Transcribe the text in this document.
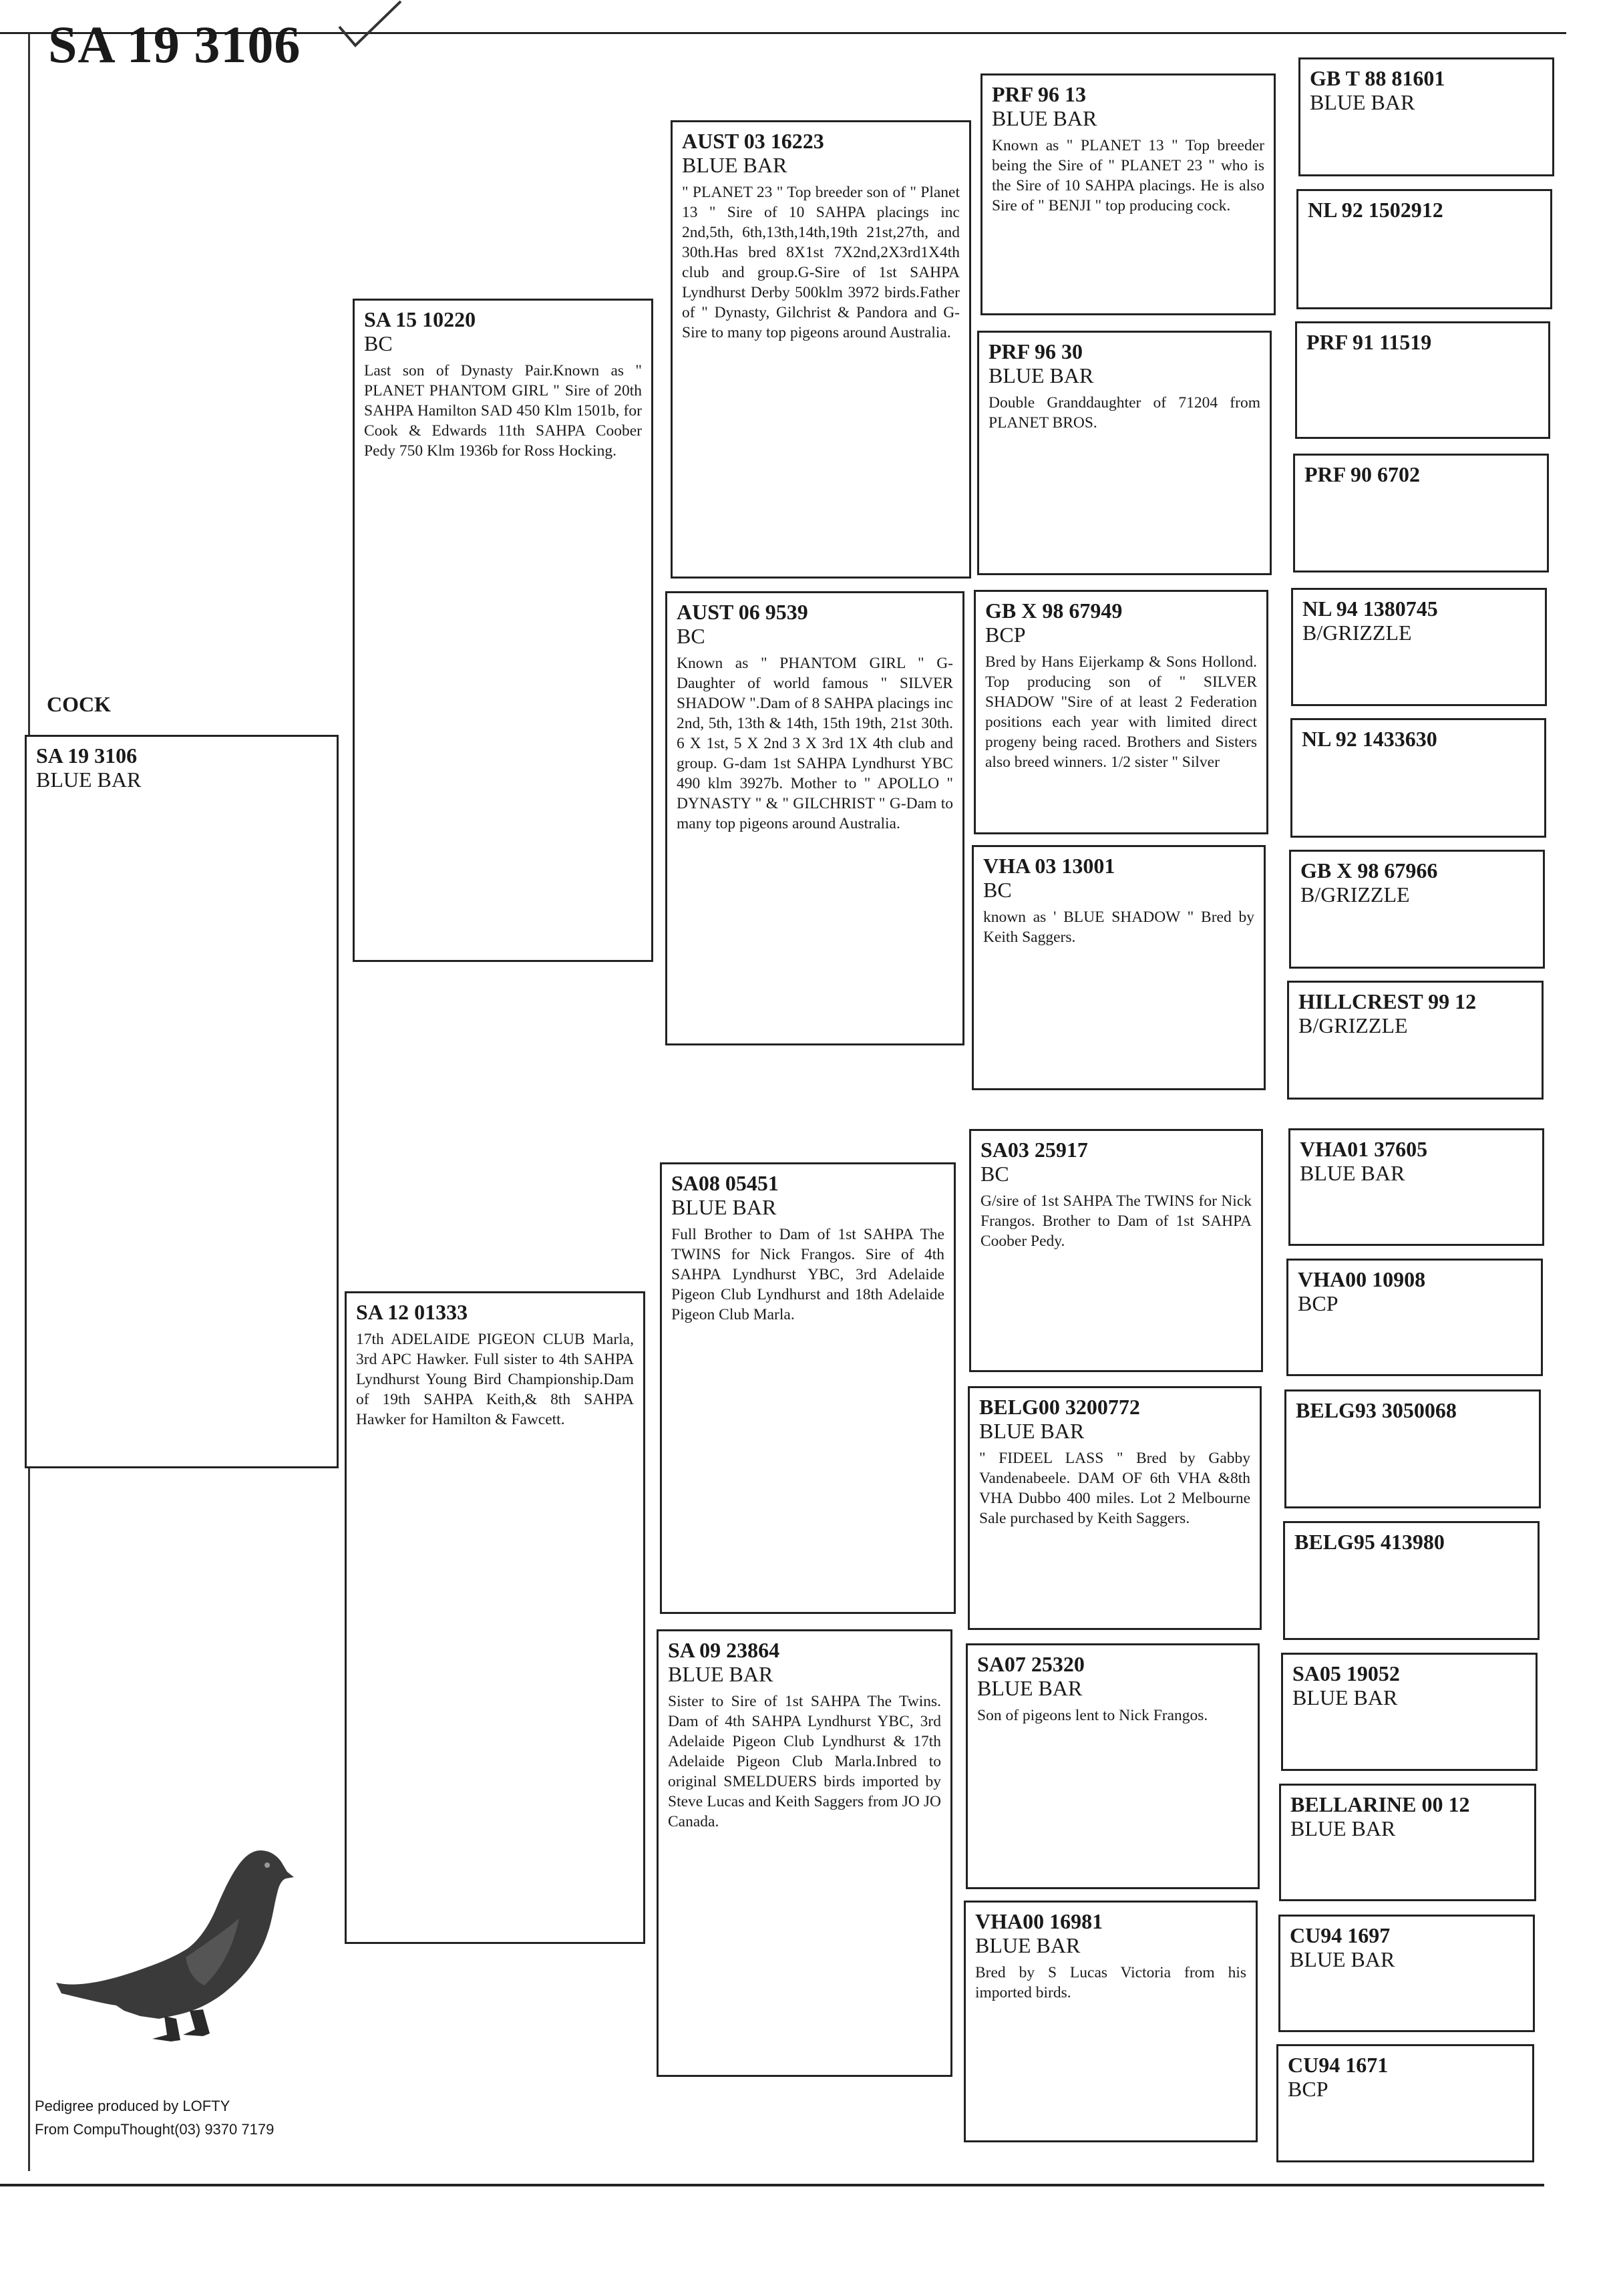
SA 19 3106
COCK
SA 19 3106
BLUE BAR
SA 15 10220
BC
Last son of Dynasty Pair.Known as " PLANET PHANTOM GIRL " Sire of 20th SAHPA Hamilton SAD 450 Klm 1501b, for Cook & Edwards 11th SAHPA Coober Pedy 750 Klm 1936b for Ross Hocking.
SA 12 01333
17th ADELAIDE PIGEON CLUB Marla, 3rd APC Hawker. Full sister to 4th SAHPA Lyndhurst Young Bird Championship.Dam of 19th SAHPA Keith,& 8th SAHPA Hawker for Hamilton & Fawcett.
AUST 03 16223
BLUE BAR
" PLANET 23 " Top breeder son of " Planet 13 " Sire of 10 SAHPA placings inc 2nd,5th, 6th,13th,14th,19th 21st,27th, and 30th.Has bred 8X1st 7X2nd,2X3rd1X4th club and group.G-Sire of 1st SAHPA Lyndhurst Derby 500klm 3972 birds.Father of " Dynasty, Gilchrist & Pandora and G-Sire to many top pigeons around Australia.
AUST 06 9539
BC
Known as " PHANTOM GIRL " G-Daughter of world famous " SILVER SHADOW ".Dam of 8 SAHPA placings inc 2nd, 5th, 13th & 14th, 15th 19th, 21st 30th. 6 X 1st, 5 X 2nd 3 X 3rd 1X 4th club and group. G-dam 1st SAHPA Lyndhurst YBC 490 klm 3927b. Mother to " APOLLO " DYNASTY " & " GILCHRIST " G-Dam to many top pigeons around Australia.
SA08 05451
BLUE BAR
Full Brother to Dam of 1st SAHPA The TWINS for Nick Frangos. Sire of 4th SAHPA Lyndhurst YBC, 3rd Adelaide Pigeon Club Lyndhurst and 18th Adelaide Pigeon Club Marla.
SA 09 23864
BLUE BAR
Sister to Sire of 1st SAHPA The Twins. Dam of 4th SAHPA Lyndhurst YBC, 3rd Adelaide Pigeon Club Lyndhurst & 17th Adelaide Pigeon Club Marla.Inbred to original SMELDUERS birds imported by Steve Lucas and Keith Saggers from JO JO Canada.
PRF 96 13
BLUE BAR
Known as " PLANET 13 " Top breeder being the Sire of " PLANET 23 " who is the Sire of 10 SAHPA placings. He is also Sire of " BENJI " top producing cock.
PRF 96 30
BLUE BAR
Double Granddaughter of 71204 from PLANET BROS.
GB X 98 67949
BCP
Bred by Hans Eijerkamp & Sons Hollond. Top producing son of " SILVER SHADOW "Sire of at least 2 Federation positions each year with limited direct progeny being raced. Brothers and Sisters also breed winners. 1/2 sister " Silver
VHA 03 13001
BC
known as ' BLUE SHADOW " Bred by Keith Saggers.
SA03 25917
BC
G/sire of 1st SAHPA The TWINS for Nick Frangos. Brother to Dam of 1st SAHPA Coober Pedy.
BELG00 3200772
BLUE BAR
" FIDEEL LASS " Bred by Gabby Vandenabeele. DAM OF 6th VHA &8th VHA Dubbo 400 miles. Lot 2 Melbourne Sale purchased by Keith Saggers.
SA07 25320
BLUE BAR
Son of pigeons lent to Nick Frangos.
VHA00 16981
BLUE BAR
Bred by S Lucas Victoria from his imported birds.
GB T 88 81601
BLUE BAR
NL 92 1502912
PRF 91 11519
PRF 90 6702
NL 94 1380745
B/GRIZZLE
NL 92 1433630
GB X 98 67966
B/GRIZZLE
HILLCREST 99 12
B/GRIZZLE
VHA01 37605
BLUE BAR
VHA00 10908
BCP
BELG93 3050068
BELG95 413980
SA05 19052
BLUE BAR
BELLARINE 00 12
BLUE BAR
CU94 1697
BLUE BAR
CU94 1671
BCP
Pedigree produced by LOFTY
From CompuThought(03) 9370 7179
